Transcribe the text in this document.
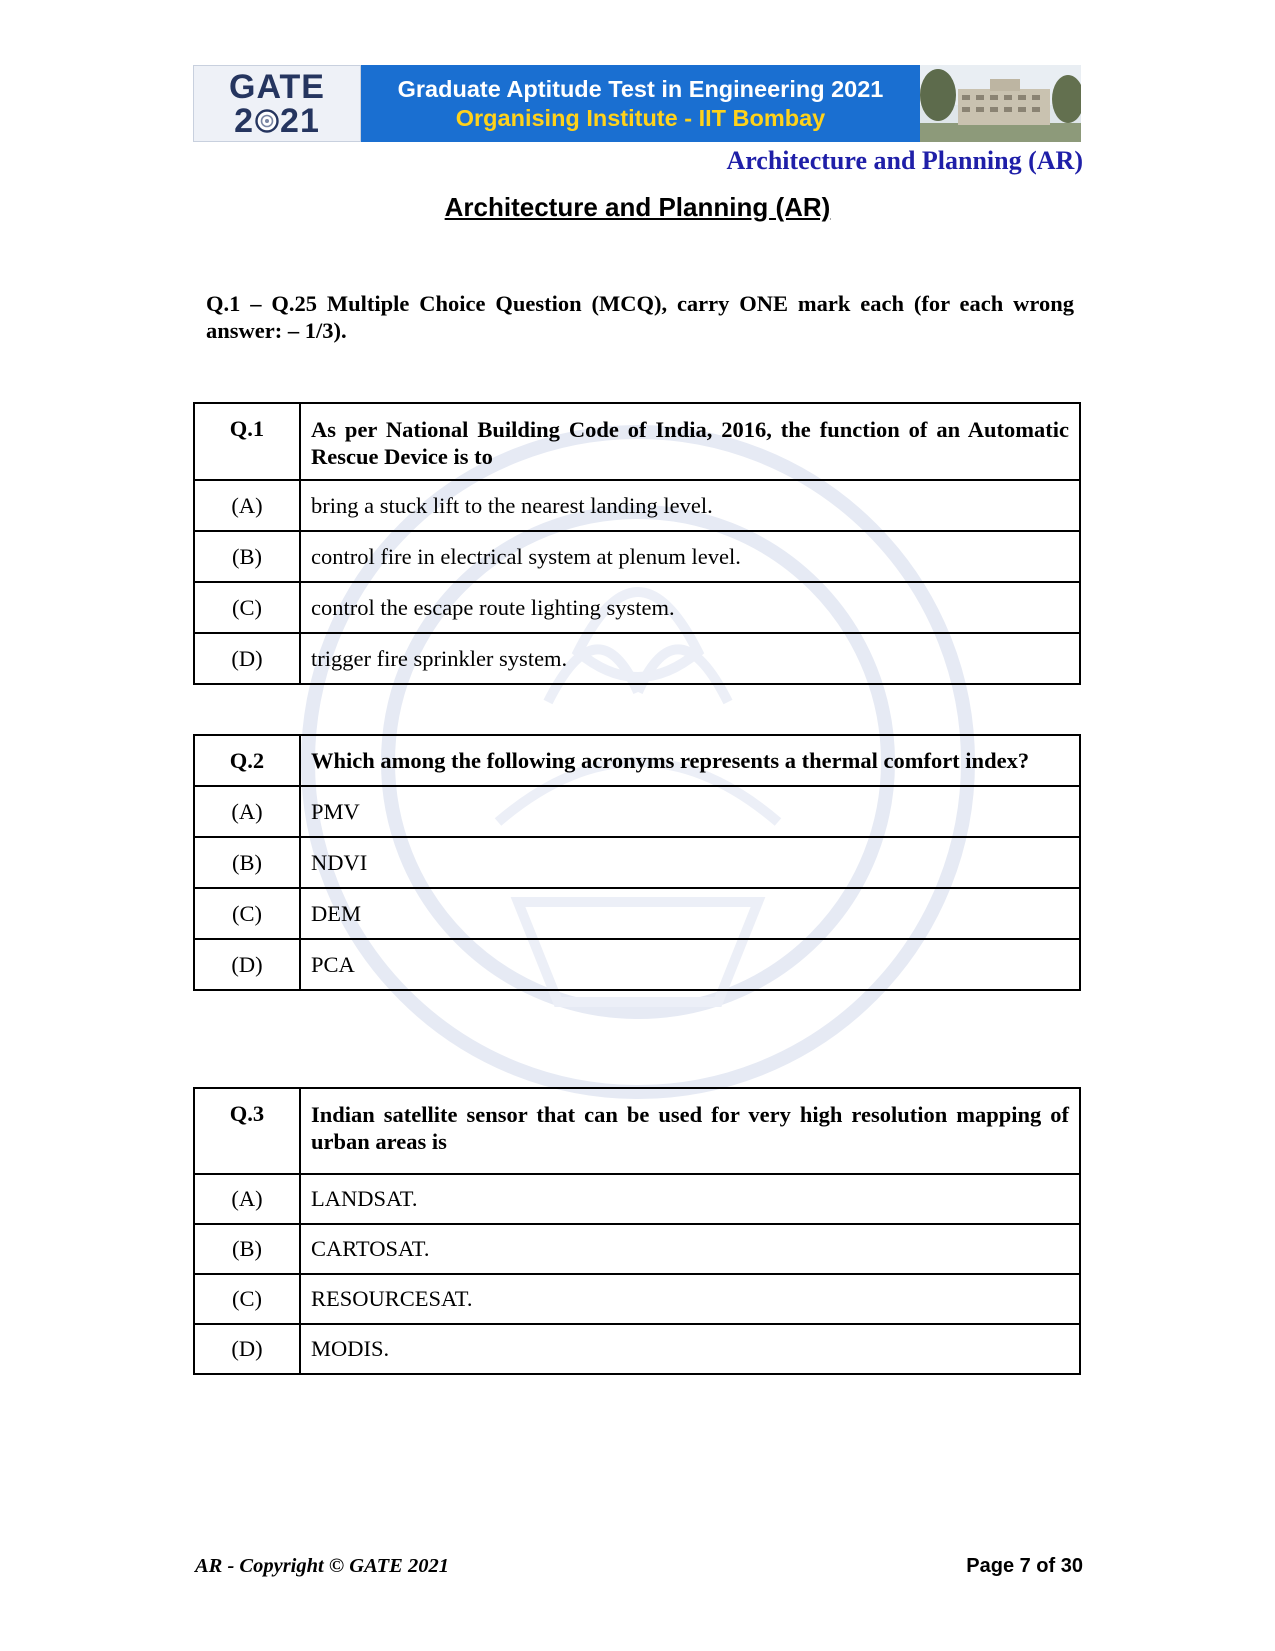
GATE
2 21
Graduate Aptitude Test in Engineering 2021
Organising Institute - IIT Bombay
Architecture and Planning (AR)
Architecture and Planning (AR)
Q.1 – Q.25 Multiple Choice Question (MCQ), carry ONE mark each (for each wrong answer: – 1/3).
Q.1	As per National Building Code of India, 2016, the function of an Automatic Rescue Device is to
(A)	bring a stuck lift to the nearest landing level.
(B)	control fire in electrical system at plenum level.
(C)	control the escape route lighting system.
(D)	trigger fire sprinkler system.
Q.2	Which among the following acronyms represents a thermal comfort index?
(A)	PMV
(B)	NDVI
(C)	DEM
(D)	PCA
Q.3	Indian satellite sensor that can be used for very high resolution mapping of urban areas is
(A)	LANDSAT.
(B)	CARTOSAT.
(C)	RESOURCESAT.
(D)	MODIS.
AR - Copyright © GATE 2021	Page 7 of 30
